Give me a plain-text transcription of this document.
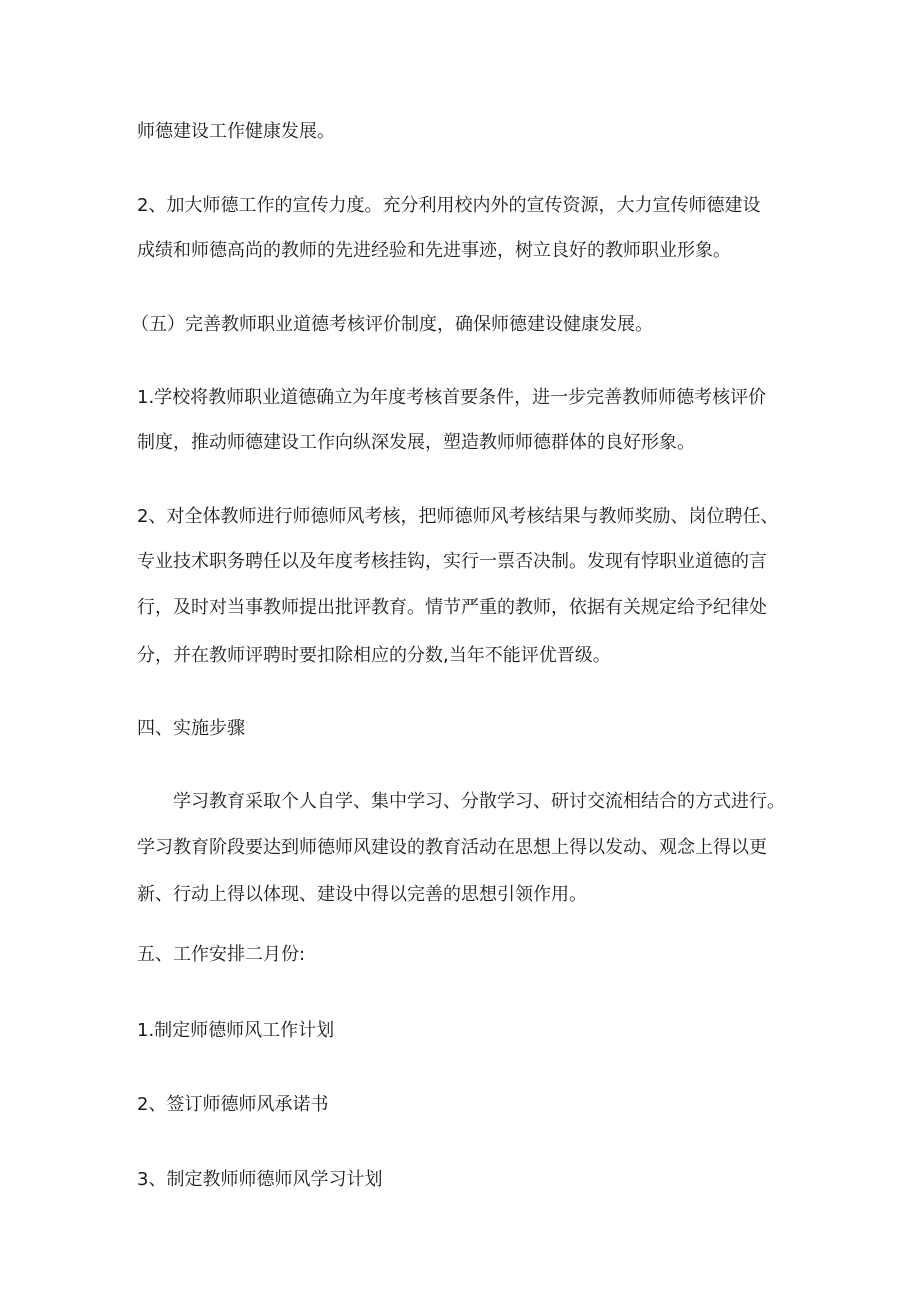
师德建设工作健康发展。

2、加大师德工作的宣传力度。充分利用校内外的宣传资源，大力宣传师德建设

成绩和师德高尚的教师的先进经验和先进事迹，树立良好的教师职业形象。

（五）完善教师职业道德考核评价制度，确保师德建设健康发展。

1.学校将教师职业道德确立为年度考核首要条件，进一步完善教师师德考核评价

制度，推动师德建设工作向纵深发展，塑造教师师德群体的良好形象。

2、对全体教师进行师德师风考核，把师德师风考核结果与教师奖励、岗位聘任、

专业技术职务聘任以及年度考核挂钩，实行一票否决制。发现有悖职业道德的言

行，及时对当事教师提出批评教育。情节严重的教师，依据有关规定给予纪律处

分，并在教师评聘时要扣除相应的分数,当年不能评优晋级。

四、实施步骤

学习教育采取个人自学、集中学习、分散学习、研讨交流相结合的方式进行。

学习教育阶段要达到师德师风建设的教育活动在思想上得以发动、观念上得以更

新、行动上得以体现、建设中得以完善的思想引领作用。

五、工作安排二月份:

1.制定师德师风工作计划

2、签订师德师风承诺书

3、制定教师师德师风学习计划
